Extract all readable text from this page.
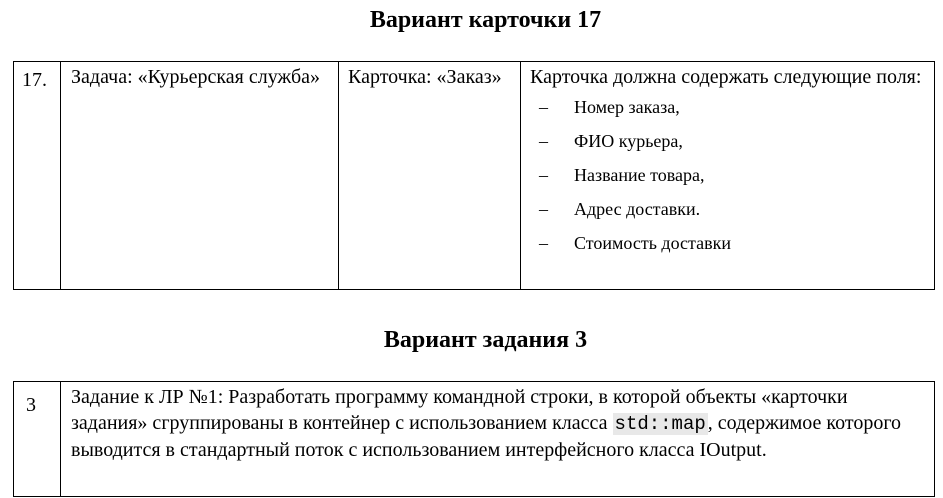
Вариант карточки 17
17.	Задача: «Курьерская служба»	Карточка: «Заказ»	Карточка должна содержать следующие поля:
– Номер заказа,
– ФИО курьера,
– Название товара,
– Адрес доставки.
– Стоимость доставки
Вариант задания 3
3	Задание к ЛР №1: Разработать программу командной строки, в которой объекты «карточки задания» сгруппированы в контейнер с использованием класса std::map , содержимое которого выводится в стандартный поток с использованием интерфейсного класса IOutput.
